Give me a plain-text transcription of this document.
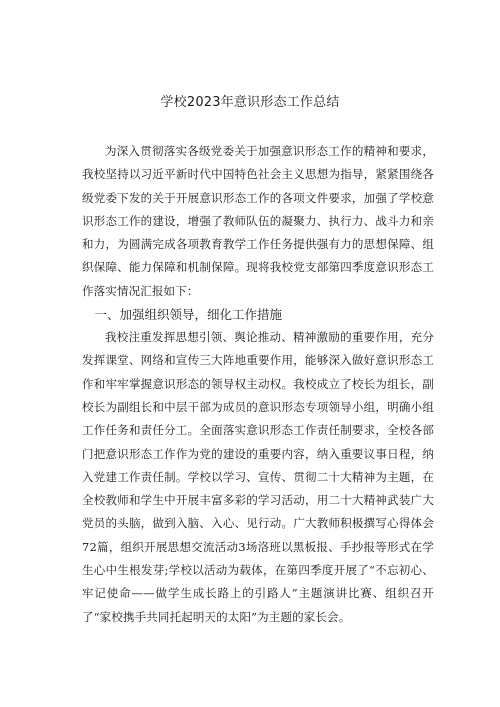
学校2023年意识形态工作总结

为深入贯彻落实各级党委关于加强意识形态工作的精神和要求，我校坚持以习近平新时代中国特色社会主义思想为指导，紧紧围绕各级党委下发的关于开展意识形态工作的各项文件要求，加强了学校意识形态工作的建设，增强了教师队伍的凝聚力、执行力、战斗力和亲和力，为圆满完成各项教育教学工作任务提供强有力的思想保障、组织保障、能力保障和机制保障。现将我校党支部第四季度意识形态工作落实情况汇报如下：

一、加强组织领导，细化工作措施

我校注重发挥思想引领、舆论推动、精神激励的重要作用，充分发挥课堂、网络和宣传三大阵地重要作用，能够深入做好意识形态工作和牢牢掌握意识形态的领导权主动权。我校成立了校长为组长，副校长为副组长和中层干部为成员的意识形态专项领导小组，明确小组工作任务和责任分工。全面落实意识形态工作责任制要求，全校各部门把意识形态工作作为党的建设的重要内容，纳入重要议事日程，纳入党建工作责任制。学校以学习、宣传、贯彻二十大精神为主题，在全校教师和学生中开展丰富多彩的学习活动，用二十大精神武装广大党员的头脑，做到入脑、入心、见行动。广大教师积极撰写心得体会72篇，组织开展思想交流活动3场洛班以黑板报、手抄报等形式在学生心中生根发芽;学校以活动为载体，在第四季度开展了“不忘初心、牢记使命——做学生成长路上的引路人”主题演讲比赛、组织召开了“家校携手共同托起明天的太阳”为主题的家长会。
